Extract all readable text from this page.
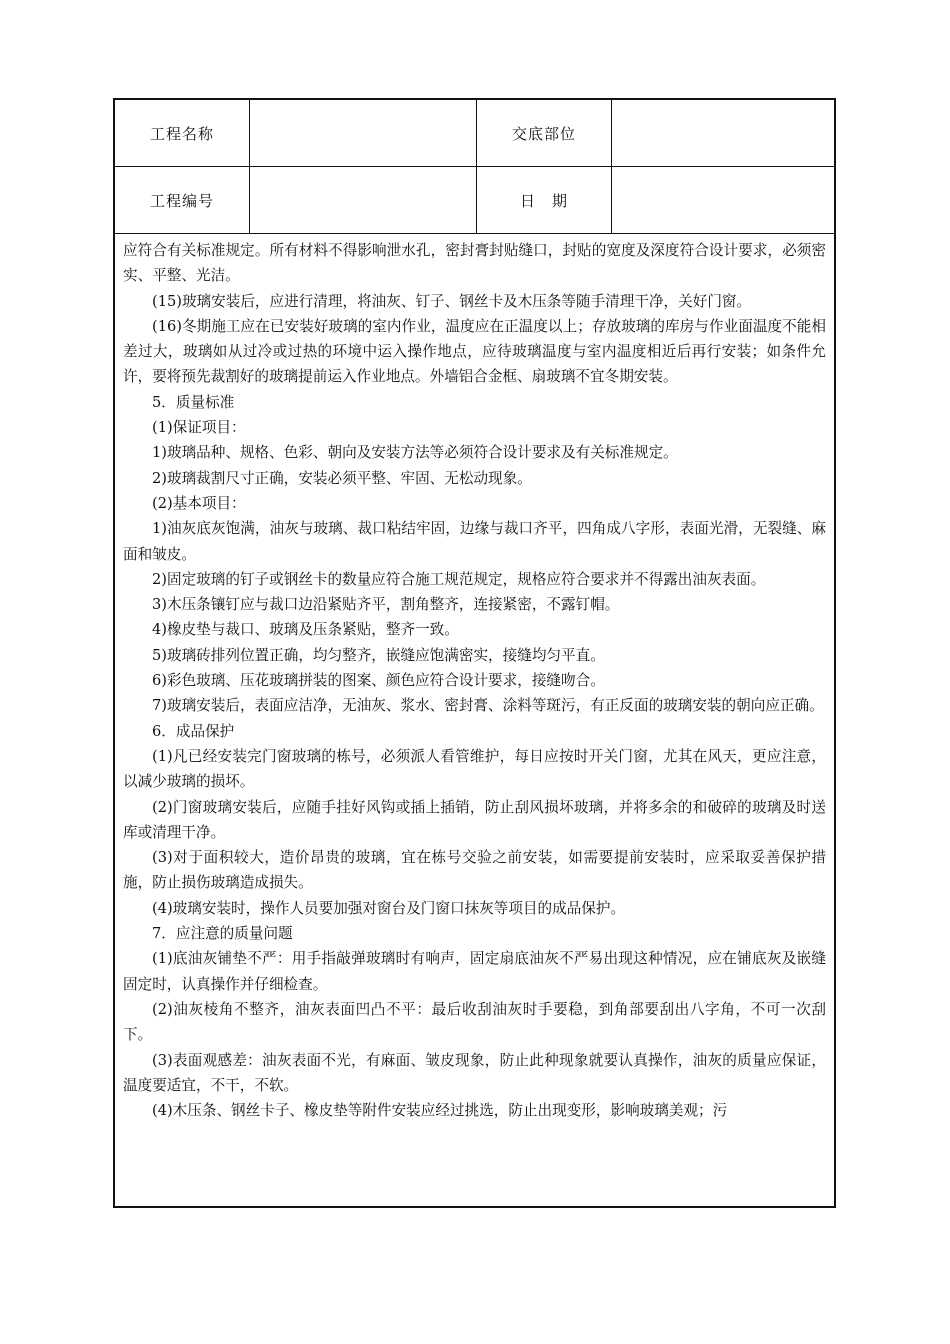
工程名称	交底部位
工程编号	日　期

应符合有关标准规定。所有材料不得影响泄水孔，密封膏封贴缝口，封贴的宽度及深度符合设计要求，必须密实、平整、光洁。

(15)玻璃安装后，应进行清理，将油灰、钉子、钢丝卡及木压条等随手清理干净，关好门窗。

(16)冬期施工应在已安装好玻璃的室内作业，温度应在正温度以上；存放玻璃的库房与作业面温度不能相差过大，玻璃如从过冷或过热的环境中运入操作地点，应待玻璃温度与室内温度相近后再行安装；如条件允许，要将预先裁割好的玻璃提前运入作业地点。外墙铝合金框、扇玻璃不宜冬期安装。

5．质量标准

(1)保证项目：

1)玻璃品种、规格、色彩、朝向及安装方法等必须符合设计要求及有关标准规定。

2)玻璃裁割尺寸正确，安装必须平整、牢固、无松动现象。

(2)基本项目：

1)油灰底灰饱满，油灰与玻璃、裁口粘结牢固，边缘与裁口齐平，四角成八字形，表面光滑，无裂缝、麻面和皱皮。

2)固定玻璃的钉子或钢丝卡的数量应符合施工规范规定，规格应符合要求并不得露出油灰表面。

3)木压条镶钉应与裁口边沿紧贴齐平，割角整齐，连接紧密，不露钉帽。

4)橡皮垫与裁口、玻璃及压条紧贴，整齐一致。

5)玻璃砖排列位置正确，均匀整齐，嵌缝应饱满密实，接缝均匀平直。

6)彩色玻璃、压花玻璃拼装的图案、颜色应符合设计要求，接缝吻合。

7)玻璃安装后，表面应洁净，无油灰、浆水、密封膏、涂料等斑污，有正反面的玻璃安装的朝向应正确。

6．成品保护

(1)凡已经安装完门窗玻璃的栋号，必须派人看管维护，每日应按时开关门窗，尤其在风天，更应注意，以减少玻璃的损坏。

(2)门窗玻璃安装后，应随手挂好风钩或插上插销，防止刮风损坏玻璃，并将多余的和破碎的玻璃及时送库或清理干净。

(3)对于面积较大，造价昂贵的玻璃，宜在栋号交验之前安装，如需要提前安装时，应采取妥善保护措施，防止损伤玻璃造成损失。

(4)玻璃安装时，操作人员要加强对窗台及门窗口抹灰等项目的成品保护。

7．应注意的质量问题

(1)底油灰铺垫不严：用手指敲弹玻璃时有响声，固定扇底油灰不严易出现这种情况，应在铺底灰及嵌缝固定时，认真操作并仔细检查。

(2)油灰棱角不整齐，油灰表面凹凸不平：最后收刮油灰时手要稳，到角部要刮出八字角，不可一次刮下。

(3)表面观感差：油灰表面不光，有麻面、皱皮现象，防止此种现象就要认真操作，油灰的质量应保证，温度要适宜，不干，不软。

(4)木压条、钢丝卡子、橡皮垫等附件安装应经过挑选，防止出现变形，影响玻璃美观；污
